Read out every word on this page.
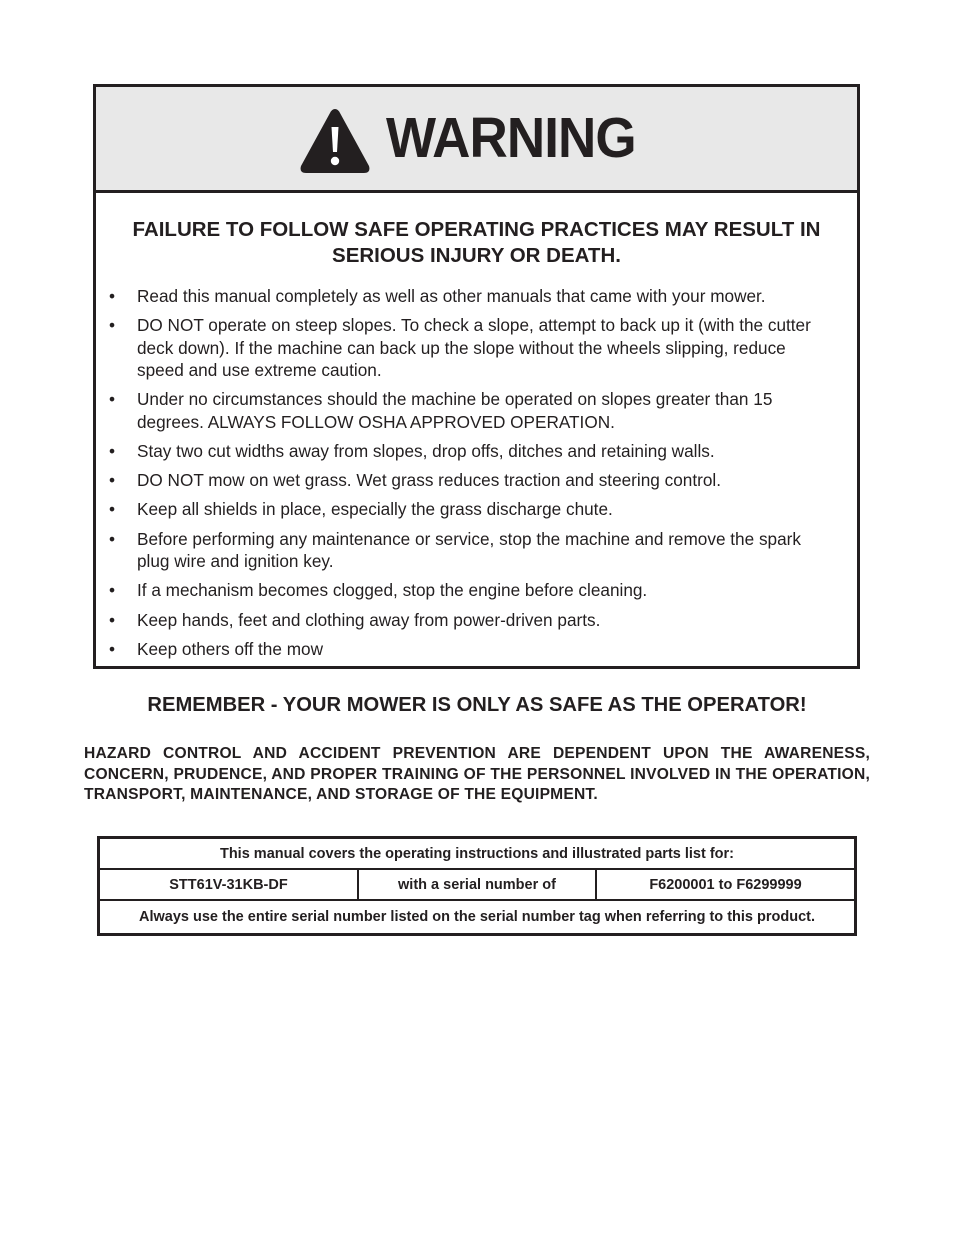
WARNING
FAILURE TO FOLLOW SAFE OPERATING PRACTICES MAY RESULT IN SERIOUS INJURY OR DEATH.
• Read this manual completely as well as other manuals that came with your mower.
• DO NOT operate on steep slopes. To check a slope, attempt to back up it (with the cutter deck down). If the machine can back up the slope without the wheels slipping, reduce speed and use extreme caution.
• Under no circumstances should the machine be operated on slopes greater than 15 degrees. ALWAYS FOLLOW OSHA APPROVED OPERATION.
• Stay two cut widths away from slopes, drop offs, ditches and retaining walls.
• DO NOT mow on wet grass. Wet grass reduces traction and steering control.
• Keep all shields in place, especially the grass discharge chute.
• Before performing any maintenance or service, stop the machine and remove the spark plug wire and ignition key.
• If a mechanism becomes clogged, stop the engine before cleaning.
• Keep hands, feet and clothing away from power-driven parts.
• Keep others off the mow
REMEMBER - YOUR MOWER IS ONLY AS SAFE AS THE OPERATOR!
HAZARD CONTROL AND ACCIDENT PREVENTION ARE DEPENDENT UPON THE AWARENESS, CONCERN, PRUDENCE, AND PROPER TRAINING OF THE PERSONNEL INVOLVED IN THE OPERATION, TRANSPORT, MAINTENANCE, AND STORAGE OF THE EQUIPMENT.
This manual covers the operating instructions and illustrated parts list for:
STT61V-31KB-DF	with a serial number of	F6200001 to F6299999
Always use the entire serial number listed on the serial number tag when referring to this product.
